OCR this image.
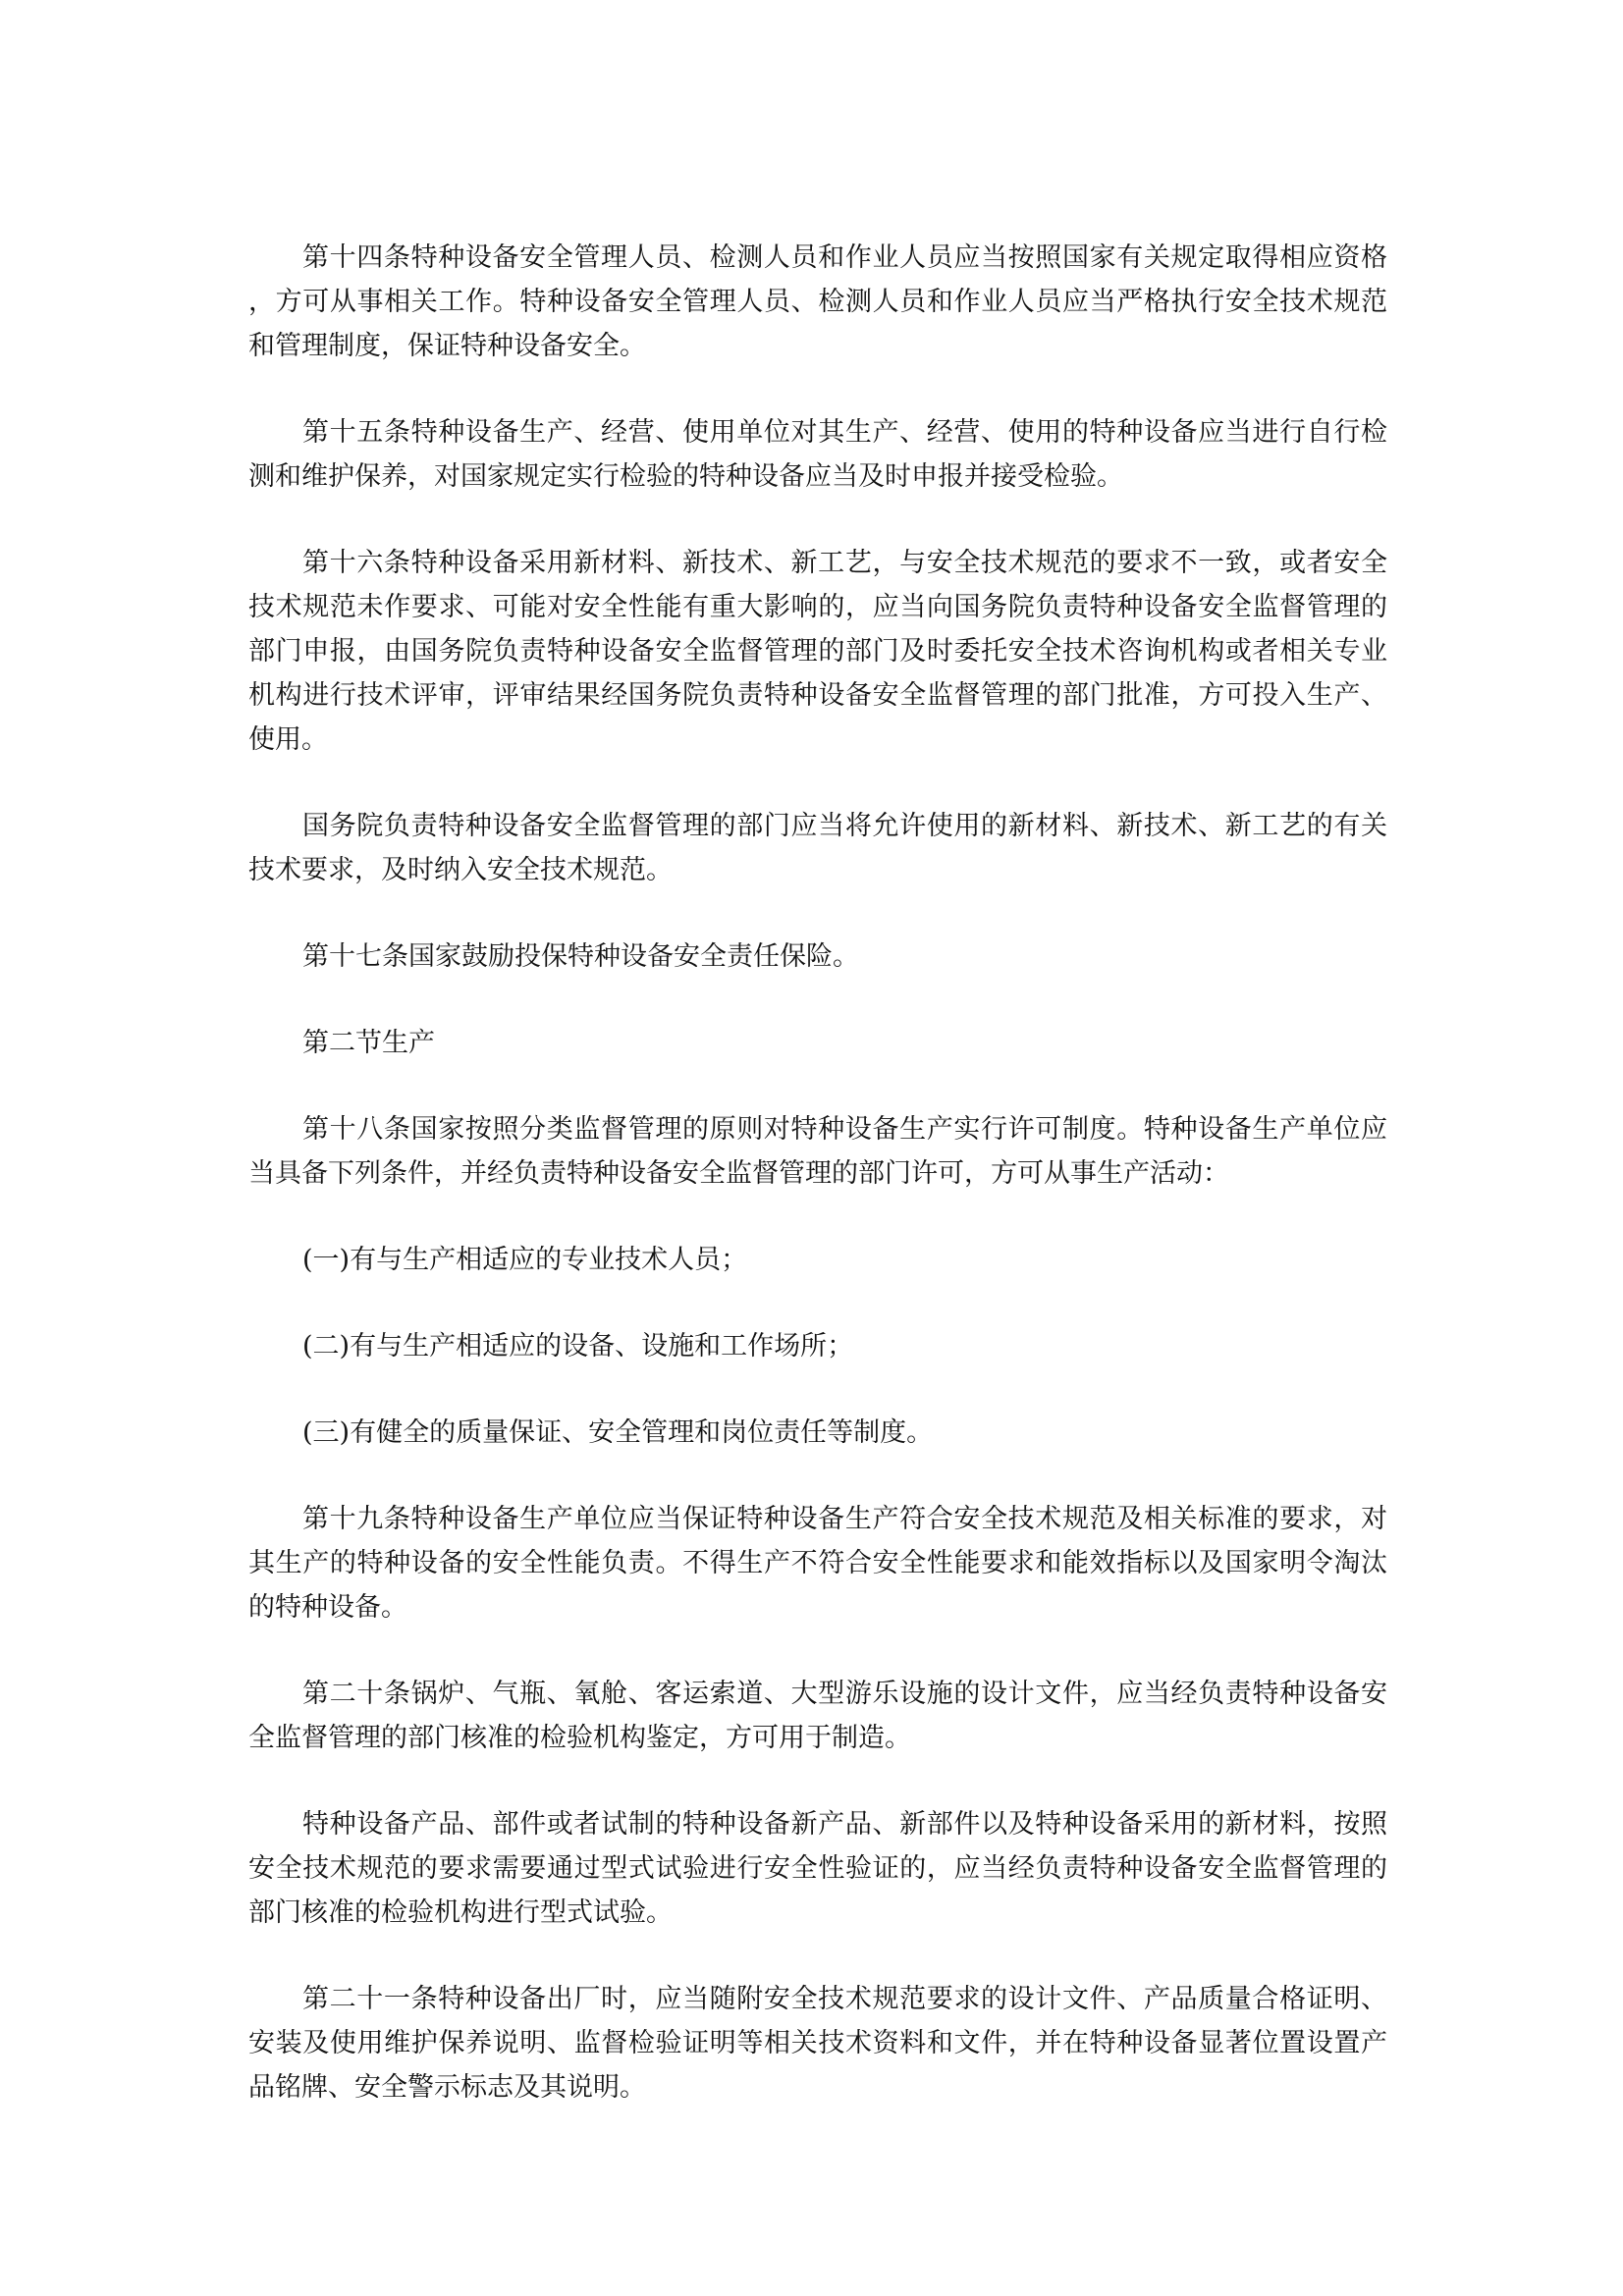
第十四条特种设备安全管理人员、检测人员和作业人员应当按照国家有关规定取得相应资格，方可从事相关工作。特种设备安全管理人员、检测人员和作业人员应当严格执行安全技术规范和管理制度，保证特种设备安全。

第十五条特种设备生产、经营、使用单位对其生产、经营、使用的特种设备应当进行自行检测和维护保养，对国家规定实行检验的特种设备应当及时申报并接受检验。

第十六条特种设备采用新材料、新技术、新工艺，与安全技术规范的要求不一致，或者安全技术规范未作要求、可能对安全性能有重大影响的，应当向国务院负责特种设备安全监督管理的部门申报，由国务院负责特种设备安全监督管理的部门及时委托安全技术咨询机构或者相关专业机构进行技术评审，评审结果经国务院负责特种设备安全监督管理的部门批准，方可投入生产、使用。

国务院负责特种设备安全监督管理的部门应当将允许使用的新材料、新技术、新工艺的有关技术要求，及时纳入安全技术规范。

第十七条国家鼓励投保特种设备安全责任保险。

第二节生产

第十八条国家按照分类监督管理的原则对特种设备生产实行许可制度。特种设备生产单位应当具备下列条件，并经负责特种设备安全监督管理的部门许可，方可从事生产活动：

(一)有与生产相适应的专业技术人员；

(二)有与生产相适应的设备、设施和工作场所；

(三)有健全的质量保证、安全管理和岗位责任等制度。

第十九条特种设备生产单位应当保证特种设备生产符合安全技术规范及相关标准的要求，对其生产的特种设备的安全性能负责。不得生产不符合安全性能要求和能效指标以及国家明令淘汰的特种设备。

第二十条锅炉、气瓶、氧舱、客运索道、大型游乐设施的设计文件，应当经负责特种设备安全监督管理的部门核准的检验机构鉴定，方可用于制造。

特种设备产品、部件或者试制的特种设备新产品、新部件以及特种设备采用的新材料，按照安全技术规范的要求需要通过型式试验进行安全性验证的，应当经负责特种设备安全监督管理的部门核准的检验机构进行型式试验。

第二十一条特种设备出厂时，应当随附安全技术规范要求的设计文件、产品质量合格证明、安装及使用维护保养说明、监督检验证明等相关技术资料和文件，并在特种设备显著位置设置产品铭牌、安全警示标志及其说明。
